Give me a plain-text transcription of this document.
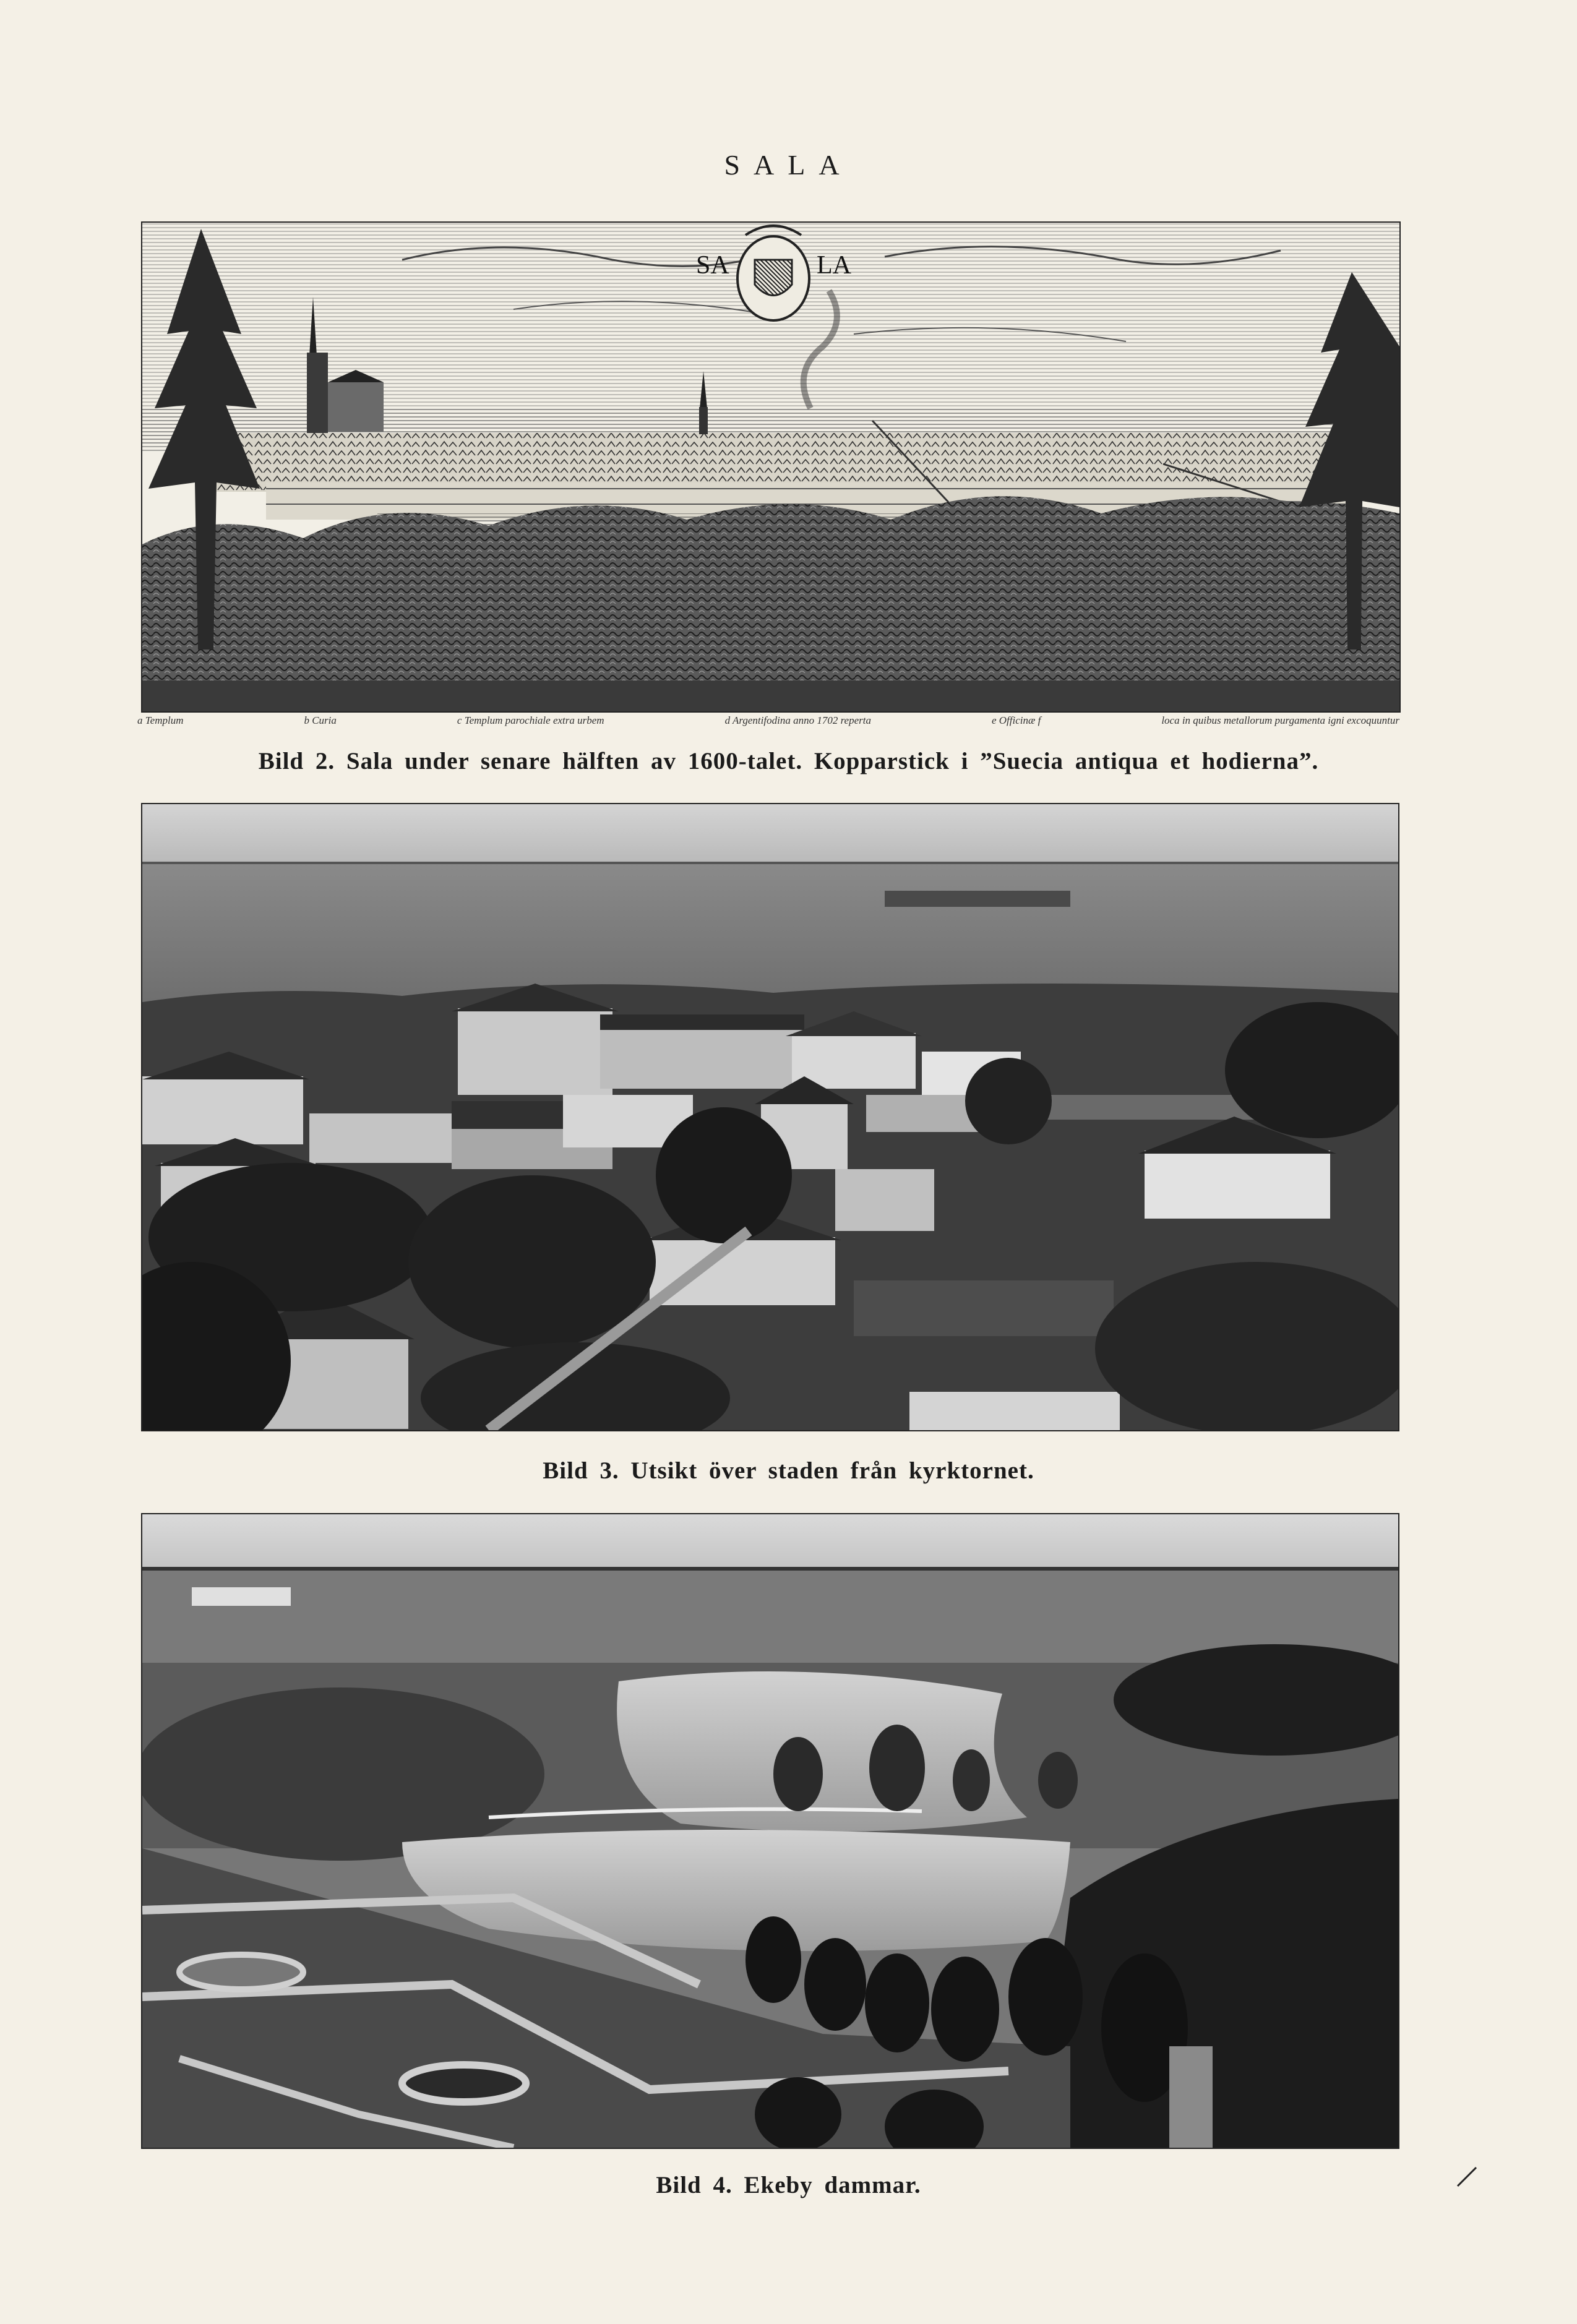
SALA
SA	LA
a Templum	b Curia	c Templum parochiale extra urbem	d Argentifodina anno 1702 reperta	e Officinæ f	loca in quibus metallorum purgamenta igni excoquuntur
Bild 2. Sala under senare hälften av 1600-talet. Kopparstick i ”Suecia antiqua et hodierna”.
Bild 3. Utsikt över staden från kyrktornet.
Bild 4. Ekeby dammar.
